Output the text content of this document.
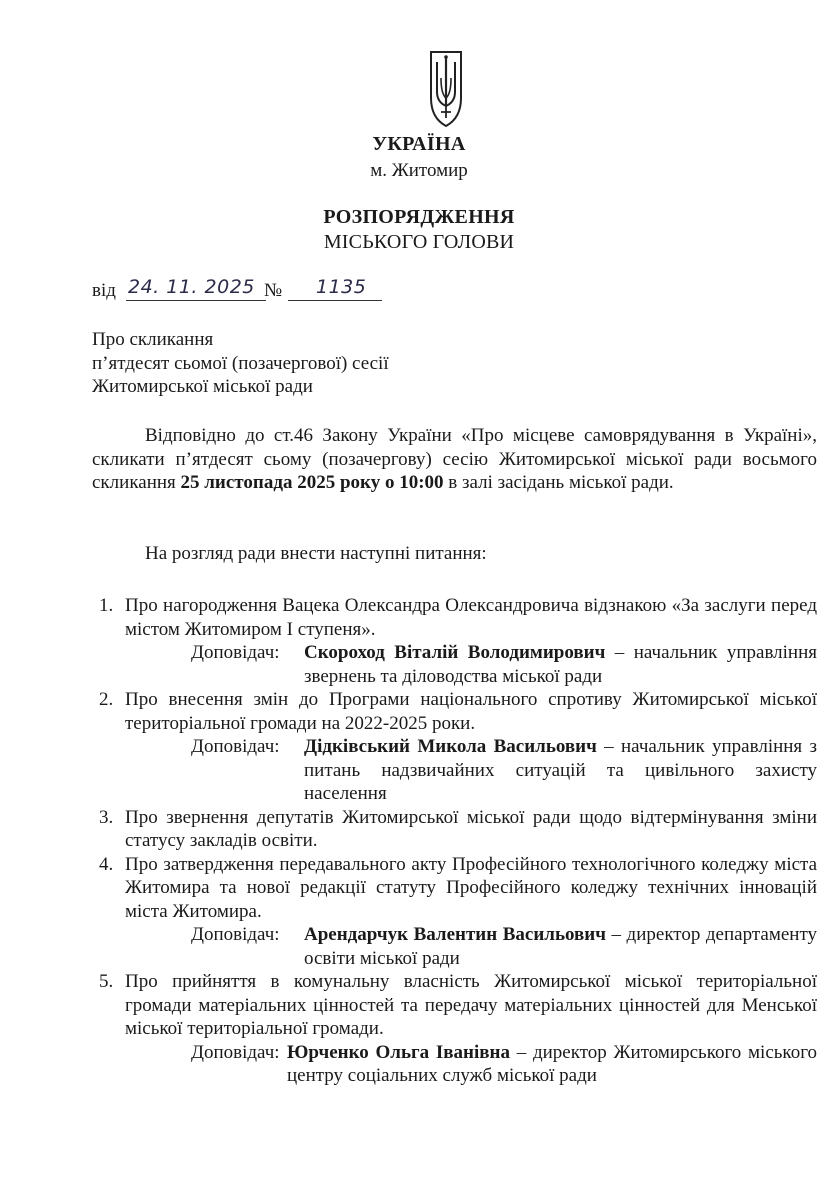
УКРАЇНА
м. Житомир
РОЗПОРЯДЖЕННЯ
МІСЬКОГО ГОЛОВИ
від 24. 11. 2025 № 1135
Про скликання
п’ятдесят сьомої (позачергової) сесії
Житомирської міської ради
Відповідно до ст.46 Закону України «Про місцеве самоврядування в Україні», скликати п’ятдесят сьому (позачергову) сесію Житомирської міської ради восьмого скликання 25 листопада 2025 року о 10:00 в залі засідань міської ради.
На розгляд ради внести наступні питання:
1. Про нагородження Вацека Олександра Олександровича відзнакою «За заслуги перед містом Житомиром І ступеня».
Доповідач:	Скороход Віталій Володимирович – начальник управління звернень та діловодства міської ради
2. Про внесення змін до Програми національного спротиву Житомирської міської територіальної громади на 2022-2025 роки.
Доповідач:	Дідківський Микола Васильович – начальник управління з питань надзвичайних ситуацій та цивільного захисту населення
3. Про звернення депутатів Житомирської міської ради щодо відтермінування зміни статусу закладів освіти.
4. Про затвердження передавального акту Професійного технологічного коледжу міста Житомира та нової редакції статуту Професійного коледжу технічних інновацій міста Житомира.
Доповідач:	Арендарчук Валентин Васильович – директор департаменту освіти міської ради
5. Про прийняття в комунальну власність Житомирської міської територіальної громади матеріальних цінностей та передачу матеріальних цінностей для Менської міської територіальної громади.
Доповідач: Юрченко Ольга Іванівна – директор Житомирського міського центру соціальних служб міської ради
